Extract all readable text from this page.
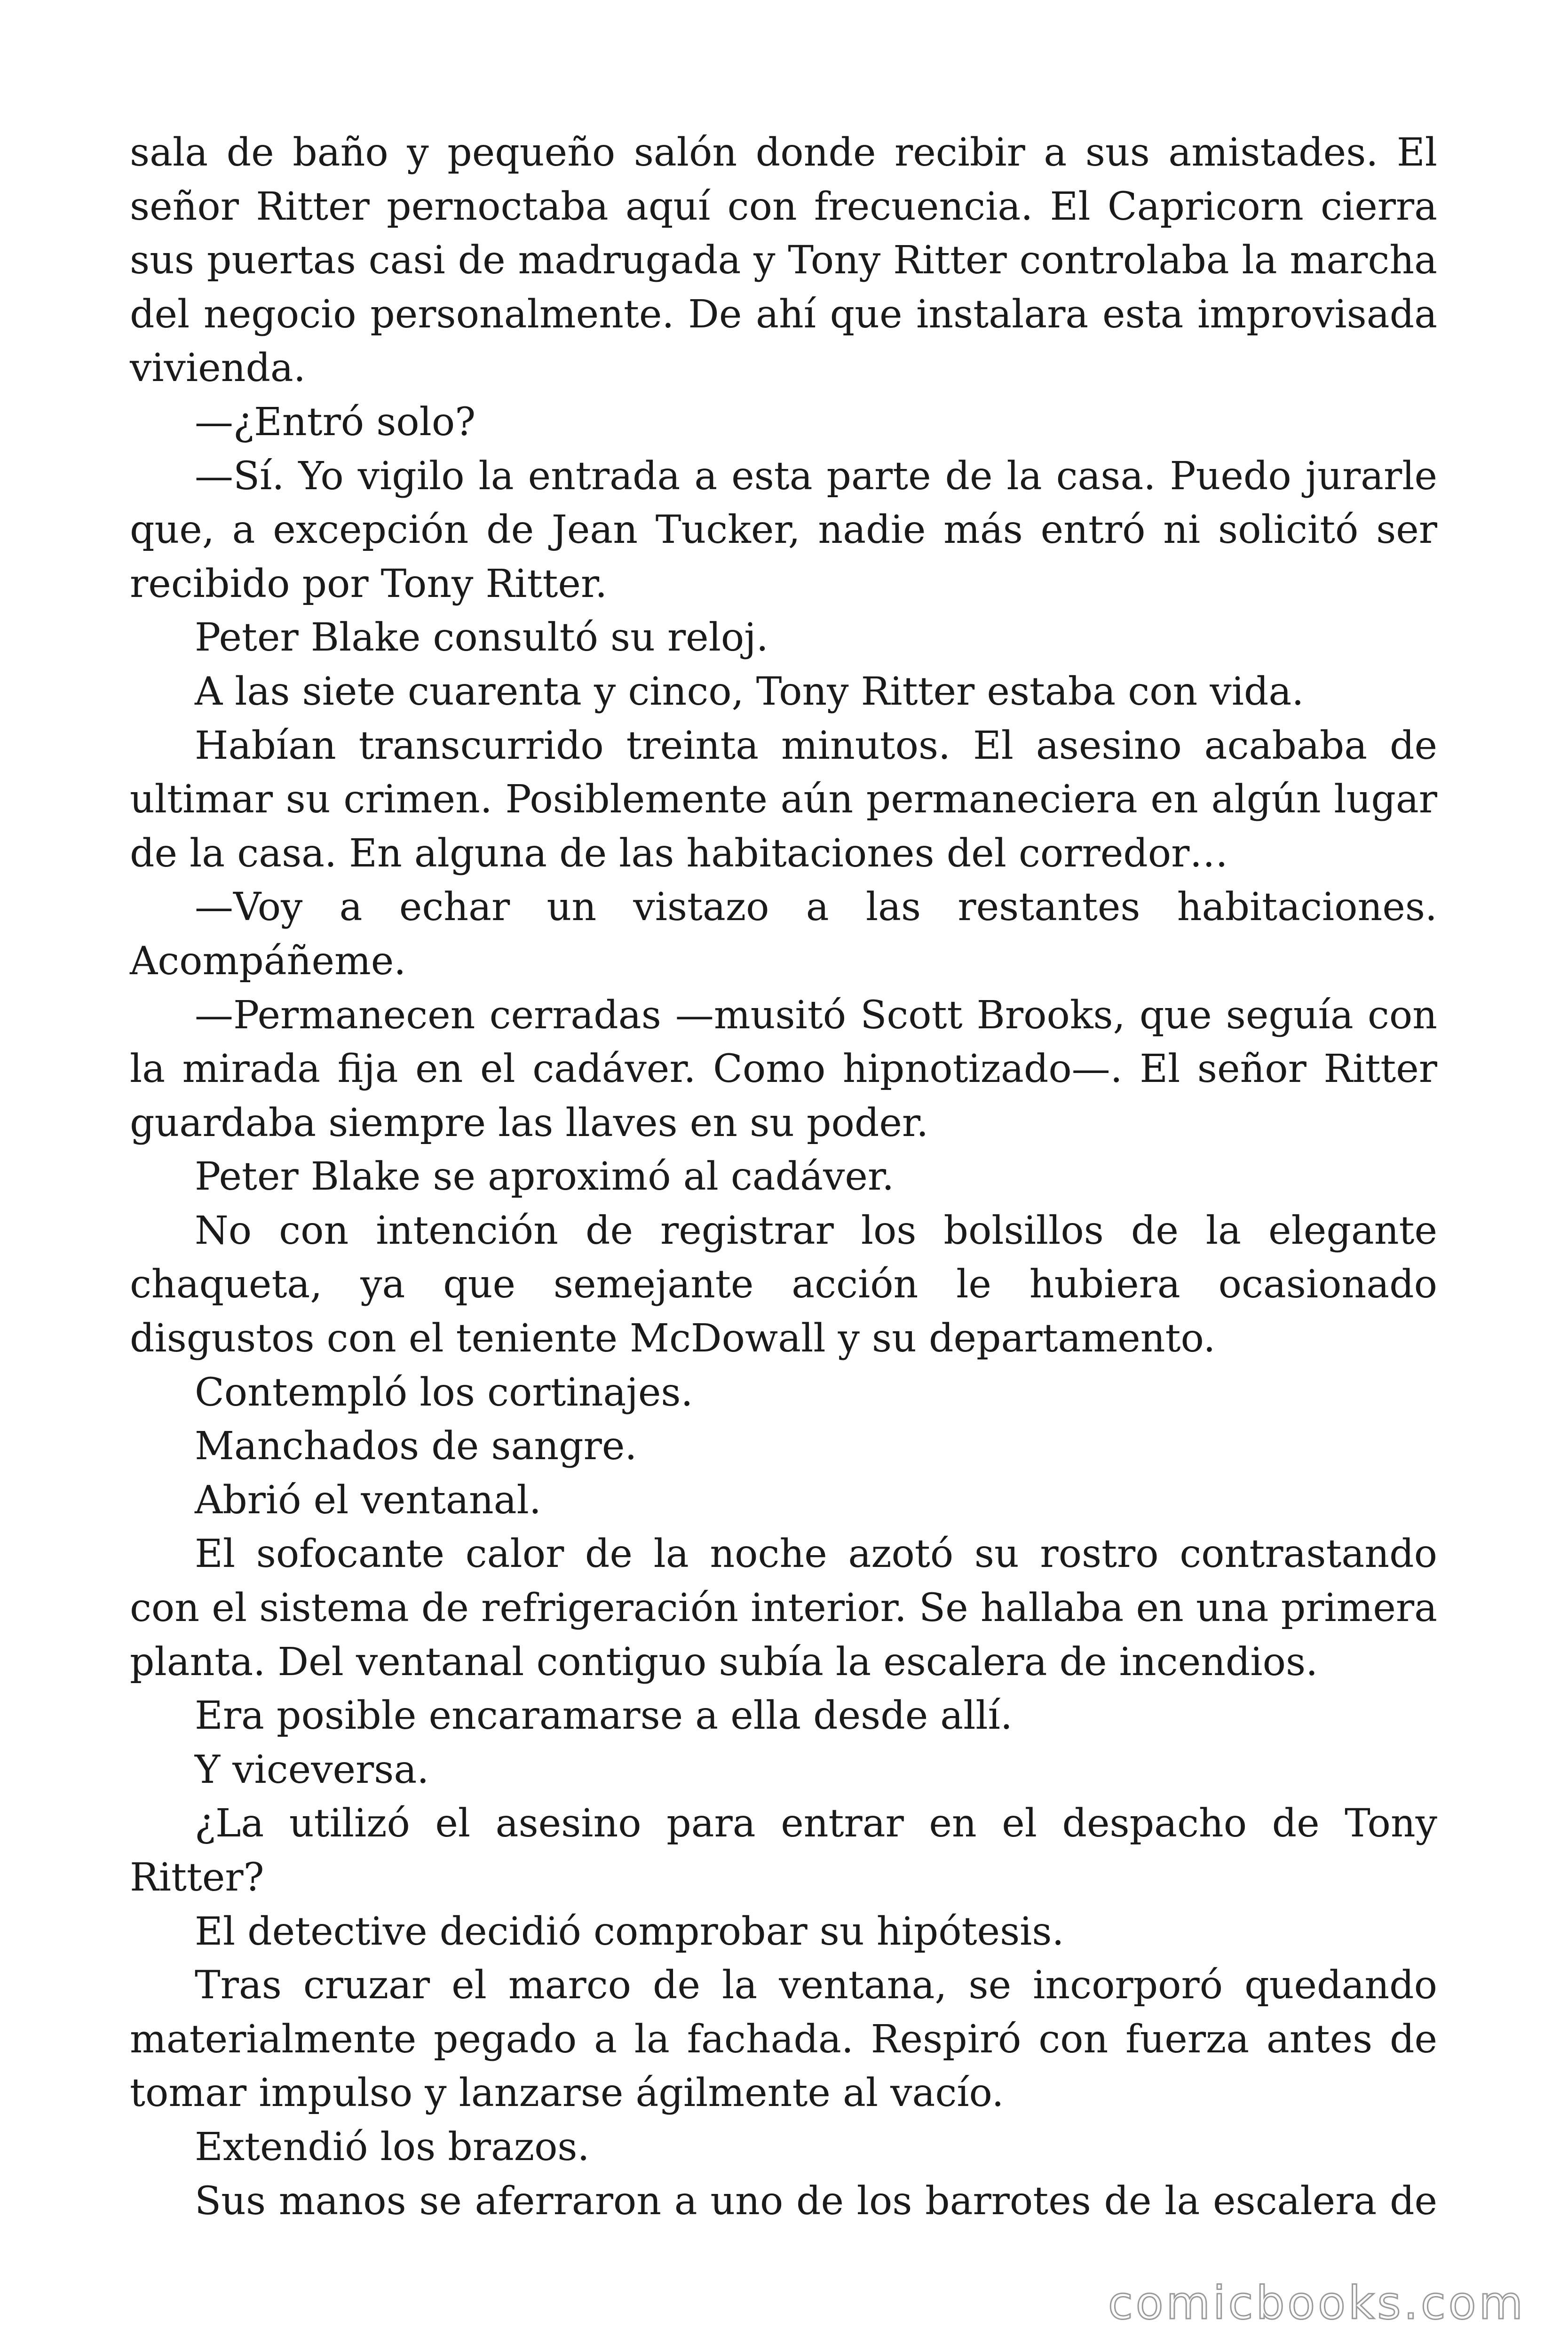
sala de baño y pequeño salón donde recibir a sus amistades. El señor Ritter pernoctaba aquí con frecuencia. El Capricorn cierra sus puertas casi de madrugada y Tony Ritter controlaba la marcha del negocio personalmente. De ahí que instalara esta improvisada vivienda.

—¿Entró solo?

—Sí. Yo vigilo la entrada a esta parte de la casa. Puedo jurarle que, a excepción de Jean Tucker, nadie más entró ni solicitó ser recibido por Tony Ritter.

Peter Blake consultó su reloj.

A las siete cuarenta y cinco, Tony Ritter estaba con vida.

Habían transcurrido treinta minutos. El asesino acababa de ultimar su crimen. Posiblemente aún permaneciera en algún lugar de la casa. En alguna de las habitaciones del corredor…

—Voy a echar un vistazo a las restantes habitaciones. Acompáñeme.

—Permanecen cerradas —musitó Scott Brooks, que seguía con la mirada fija en el cadáver. Como hipnotizado—. El señor Ritter guardaba siempre las llaves en su poder.

Peter Blake se aproximó al cadáver.

No con intención de registrar los bolsillos de la elegante chaqueta, ya que semejante acción le hubiera ocasionado disgustos con el teniente McDowall y su departamento.

Contempló los cortinajes.

Manchados de sangre.

Abrió el ventanal.

El sofocante calor de la noche azotó su rostro contrastando con el sistema de refrigeración interior. Se hallaba en una primera planta. Del ventanal contiguo subía la escalera de incendios.

Era posible encaramarse a ella desde allí.

Y viceversa.

¿La utilizó el asesino para entrar en el despacho de Tony Ritter?

El detective decidió comprobar su hipótesis.

Tras cruzar el marco de la ventana, se incorporó quedando materialmente pegado a la fachada. Respiró con fuerza antes de tomar impulso y lanzarse ágilmente al vacío.

Extendió los brazos.

Sus manos se aferraron a uno de los barrotes de la escalera de

comicbooks.com
